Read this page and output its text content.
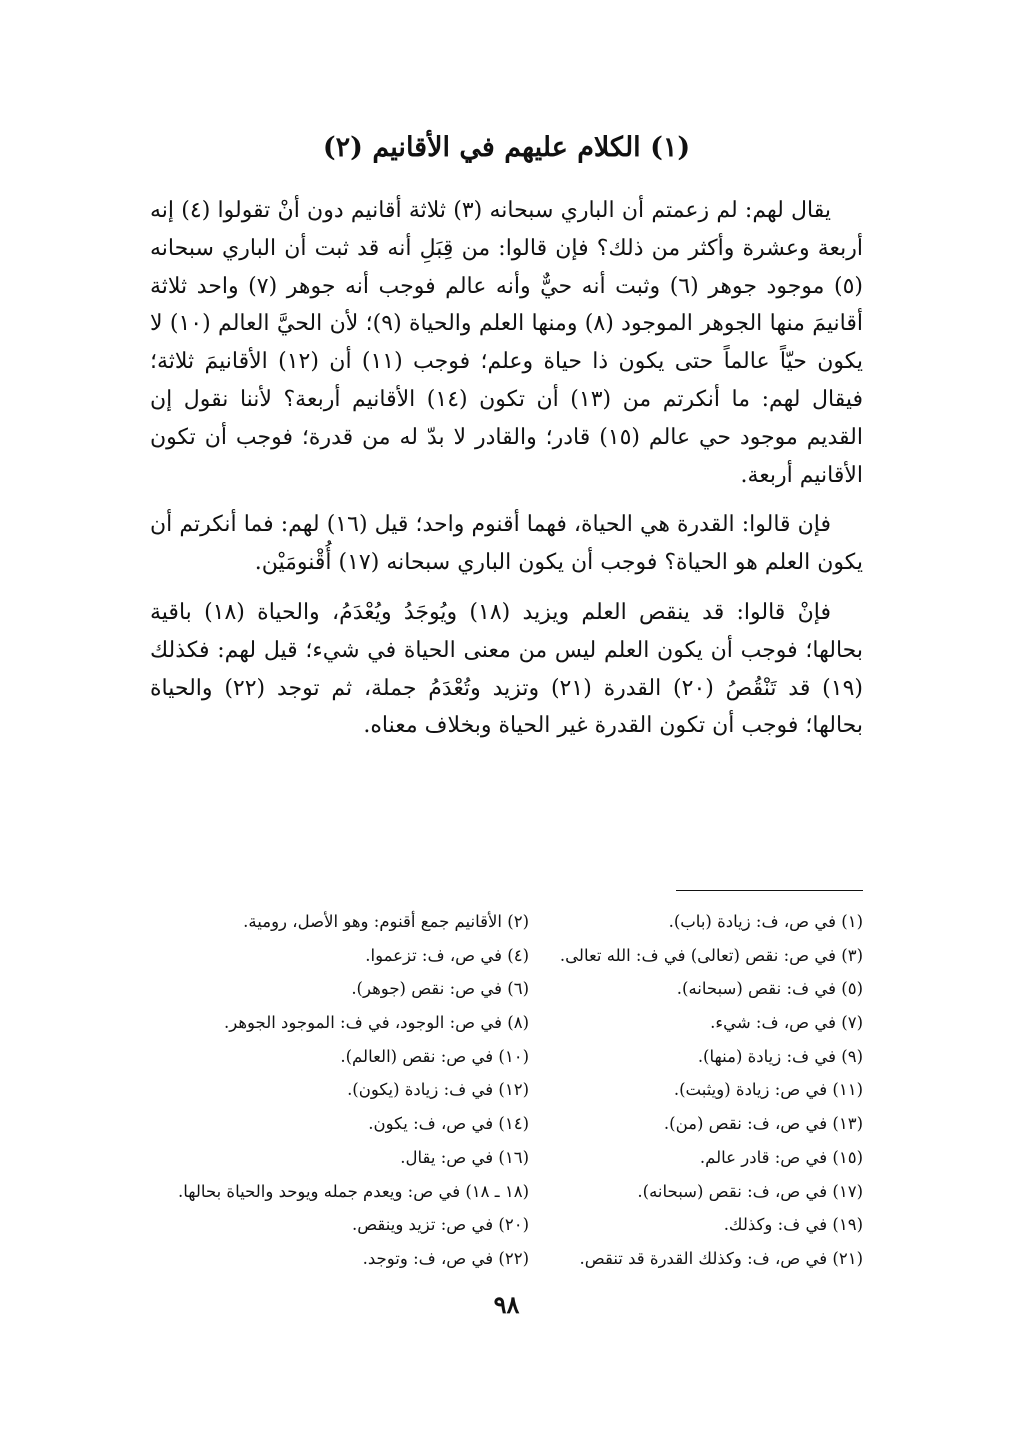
(١) الكلام عليهم في الأقانيم (٢)

يقال لهم: لم زعمتم أن الباري سبحانه (٣) ثلاثة أقانيم دون أنْ تقولوا (٤) إنه أربعة وعشرة وأكثر من ذلك؟ فإن قالوا: من قِبَلِ أنه قد ثبت أن الباري سبحانه (٥) موجود جوهر (٦) وثبت أنه حيٌّ وأنه عالم فوجب أنه جوهر (٧) واحد ثلاثة أقانيمَ منها الجوهر الموجود (٨) ومنها العلم والحياة (٩)؛ لأن الحيَّ العالم (١٠) لا يكون حيّاً عالماً حتى يكون ذا حياة وعلم؛ فوجب (١١) أن (١٢) الأقانيمَ ثلاثة؛ فيقال لهم: ما أنكرتم من (١٣) أن تكون (١٤) الأقانيم أربعة؟ لأننا نقول إن القديم موجود حي عالم (١٥) قادر؛ والقادر لا بدّ له من قدرة؛ فوجب أن تكون الأقانيم أربعة.

فإن قالوا: القدرة هي الحياة، فهما أقنوم واحد؛ قيل (١٦) لهم: فما أنكرتم أن يكون العلم هو الحياة؟ فوجب أن يكون الباري سبحانه (١٧) أُقْنومَيْن.

فإنْ قالوا: قد ينقص العلم ويزيد (١٨) ويُوجَدُ ويُعْدَمُ، والحياة (١٨) باقية بحالها؛ فوجب أن يكون العلم ليس من معنى الحياة في شيء؛ قيل لهم: فكذلك (١٩) قد تَنْقُصُ (٢٠) القدرة (٢١) وتزيد وتُعْدَمُ جملة، ثم توجد (٢٢) والحياة بحالها؛ فوجب أن تكون القدرة غير الحياة وبخلاف معناه.

(١) في ص، ف: زيادة (باب).
(٢) الأقانيم جمع أقنوم: وهو الأصل، رومية.
(٣) في ص: نقص (تعالى) في ف: الله تعالى.
(٤) في ص، ف: تزعموا.
(٥) في ف: نقص (سبحانه).
(٦) في ص: نقص (جوهر).
(٧) في ص، ف: شيء.
(٨) في ص: الوجود، في ف: الموجود الجوهر.
(٩) في ف: زيادة (منها).
(١٠) في ص: نقص (العالم).
(١١) في ص: زيادة (ويثبت).
(١٢) في ف: زيادة (يكون).
(١٣) في ص، ف: نقص (من).
(١٤) في ص، ف: يكون.
(١٥) في ص: قادر عالم.
(١٦) في ص: يقال.
(١٧) في ص، ف: نقص (سبحانه).
(١٨ ـ ١٨) في ص: ويعدم جمله ويوحد والحياة بحالها.
(١٩) في ف: وكذلك.
(٢٠) في ص: تزيد وينقص.
(٢١) في ص، ف: وكذلك القدرة قد تنقص.
(٢٢) في ص، ف: وتوجد.
٩٨
